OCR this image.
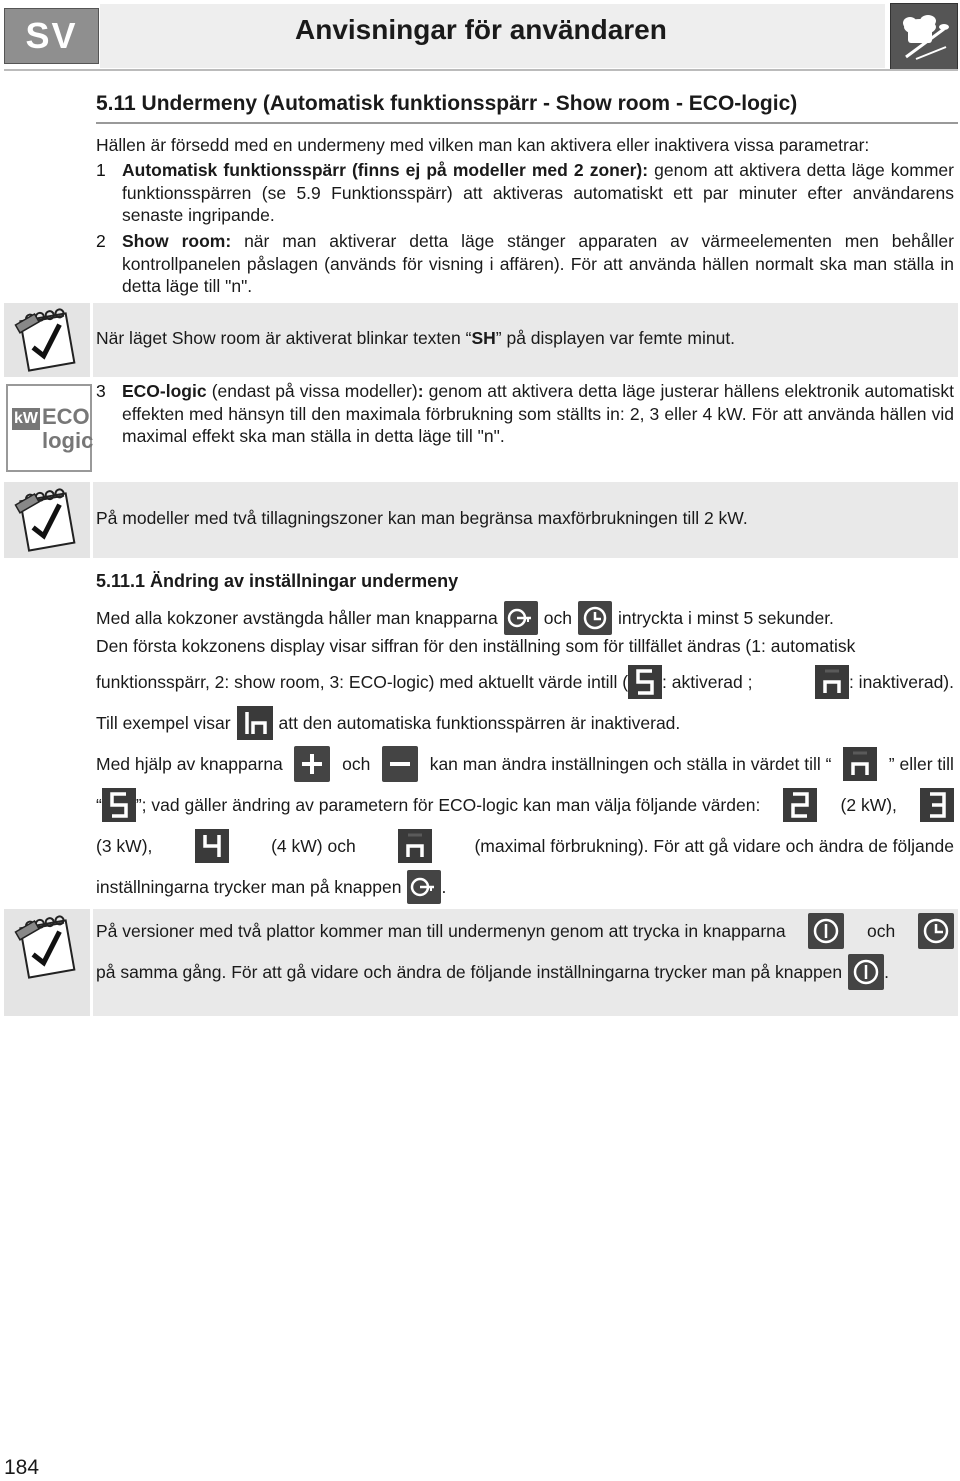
SV	Anvisningar för användaren
5.11 Undermeny (Automatisk funktionsspärr - Show room - ECO-logic)
Hällen är försedd med en undermeny med vilken man kan aktivera eller inaktivera vissa parametrar:
1 Automatisk funktionsspärr (finns ej på modeller med 2 zoner): genom att aktivera detta läge kommer funktionsspärren (se 5.9 Funktionsspärr) att aktiveras automatiskt ett par minuter efter användarens senaste ingripande.
2 Show room: när man aktiverar detta läge stänger apparaten av värmeelementen men behåller kontrollpanelen påslagen (används för visning i affären). För att använda hällen normalt ska man ställa in detta läge till "n".
När läget Show room är aktiverat blinkar texten “SH” på displayen var femte minut.
kW ECO
logic
3 ECO-logic (endast på vissa modeller): genom att aktivera detta läge justerar hällens elektronik automatiskt effekten med hänsyn till den maximala förbrukning som ställts in: 2, 3 eller 4 kW. För att använda hällen vid maximal effekt ska man ställa in detta läge till "n".
På modeller med två tillagningszoner kan man begränsa maxförbrukningen till 2 kW.
5.11.1 Ändring av inställningar undermeny
Med alla kokzoner avstängda håller man knapparna	och	intryckta i minst 5 sekunder.
Den första kokzonens display visar siffran för den inställning som för tillfället ändras (1: automatisk
funktionsspärr, 2: show room, 3: ECO-logic) med aktuellt värde intill ( : aktiverad ;	: inaktiverad).
Till exempel visar	att den automatiska funktionsspärren är inaktiverad.
Med hjälp av knapparna	och	kan man ändra inställningen och ställa in värdet till “	” eller till
“ ”; vad gäller ändring av parametern för ECO-logic kan man välja följande värden:	(2 kW),
(3 kW),	(4 kW) och	(maximal förbrukning). För att gå vidare och ändra de följande
inställningarna trycker man på knappen .
På versioner med två plattor kommer man till undermenyn genom att trycka in knapparna	och
på samma gång. För att gå vidare och ändra de följande inställningarna trycker man på knappen .
184
